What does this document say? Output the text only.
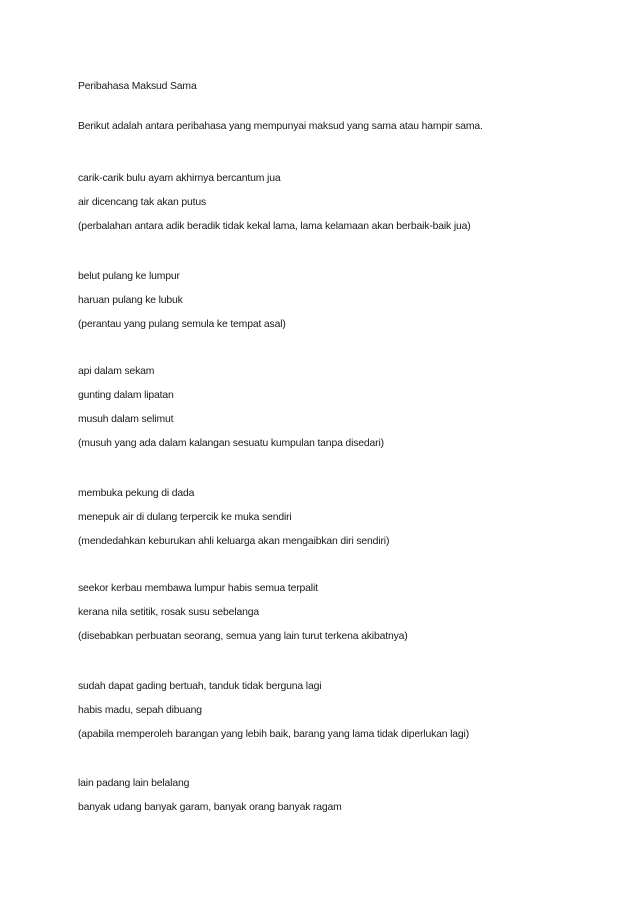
Peribahasa Maksud Sama
Berikut adalah antara peribahasa yang mempunyai maksud yang sama atau hampir sama.
carik-carik bulu ayam akhirnya bercantum jua
air dicencang tak akan putus
(perbalahan antara adik beradik tidak kekal lama, lama kelamaan akan berbaik-baik jua)
belut pulang ke lumpur
haruan pulang ke lubuk
(perantau yang pulang semula ke tempat asal)
api dalam sekam
gunting dalam lipatan
musuh dalam selimut
(musuh yang ada dalam kalangan sesuatu kumpulan tanpa disedari)
membuka pekung di dada
menepuk air di dulang terpercik ke muka sendiri
(mendedahkan keburukan ahli keluarga akan mengaibkan diri sendiri)
seekor kerbau membawa lumpur habis semua terpalit
kerana nila setitik, rosak susu sebelanga
(disebabkan perbuatan seorang, semua yang lain turut terkena akibatnya)
sudah dapat gading bertuah, tanduk tidak berguna lagi
habis madu, sepah dibuang
(apabila memperoleh barangan yang lebih baik, barang yang lama tidak diperlukan lagi)
lain padang lain belalang
banyak udang banyak garam, banyak orang banyak ragam
